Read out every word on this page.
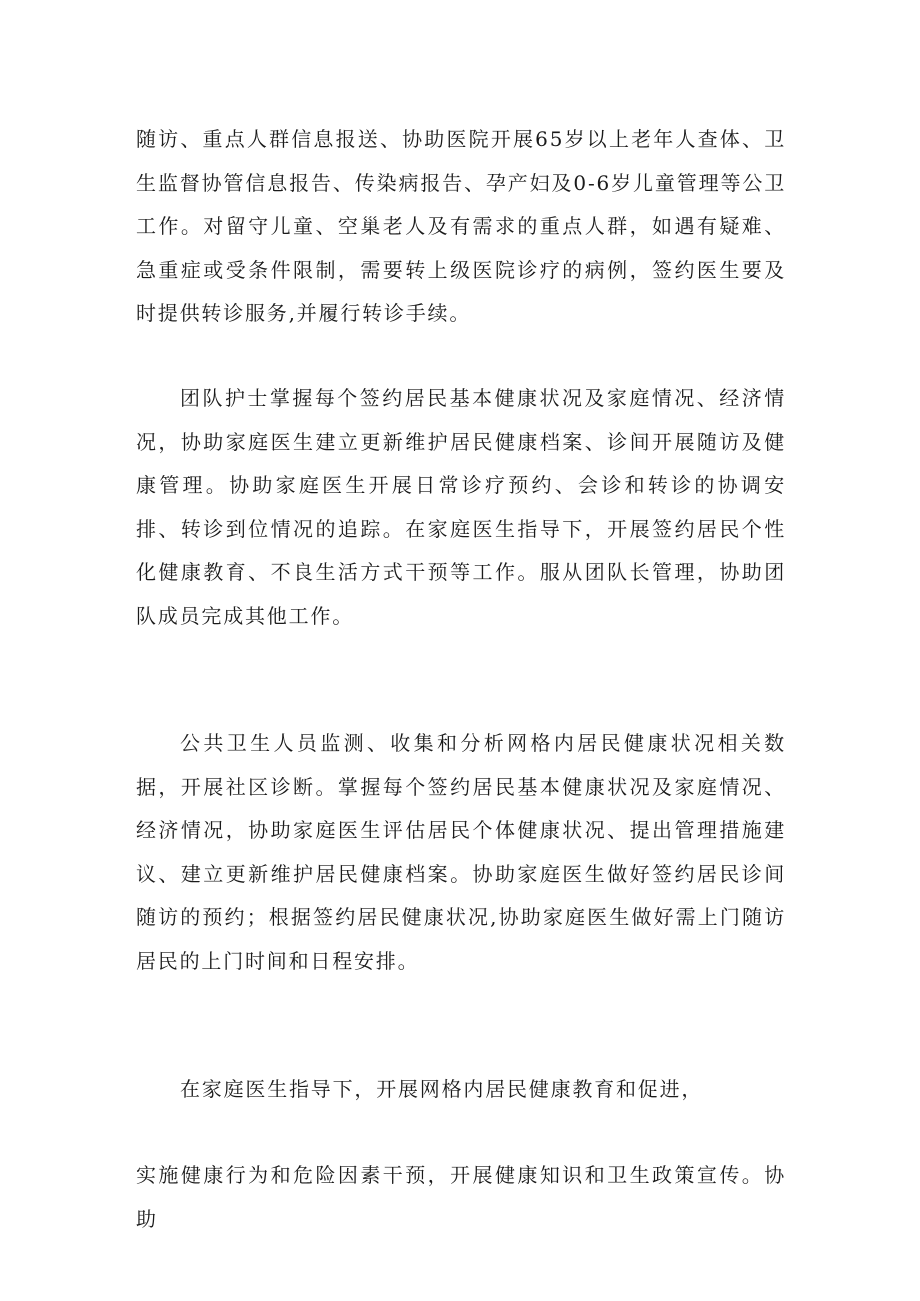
随访、重点人群信息报送、协助医院开展65岁以上老年人查体、卫生监督协管信息报告、传染病报告、孕产妇及0-6岁儿童管理等公卫工作。对留守儿童、空巢老人及有需求的重点人群，如遇有疑难、急重症或受条件限制，需要转上级医院诊疗的病例，签约医生要及时提供转诊服务,并履行转诊手续。

团队护士掌握每个签约居民基本健康状况及家庭情况、经济情况，协助家庭医生建立更新维护居民健康档案、诊间开展随访及健康管理。协助家庭医生开展日常诊疗预约、会诊和转诊的协调安排、转诊到位情况的追踪。在家庭医生指导下，开展签约居民个性化健康教育、不良生活方式干预等工作。服从团队长管理，协助团队成员完成其他工作。

公共卫生人员监测、收集和分析网格内居民健康状况相关数据，开展社区诊断。掌握每个签约居民基本健康状况及家庭情况、经济情况，协助家庭医生评估居民个体健康状况、提出管理措施建议、建立更新维护居民健康档案。协助家庭医生做好签约居民诊间随访的预约；根据签约居民健康状况,协助家庭医生做好需上门随访居民的上门时间和日程安排。

在家庭医生指导下，开展网格内居民健康教育和促进，

实施健康行为和危险因素干预，开展健康知识和卫生政策宣传。协助
